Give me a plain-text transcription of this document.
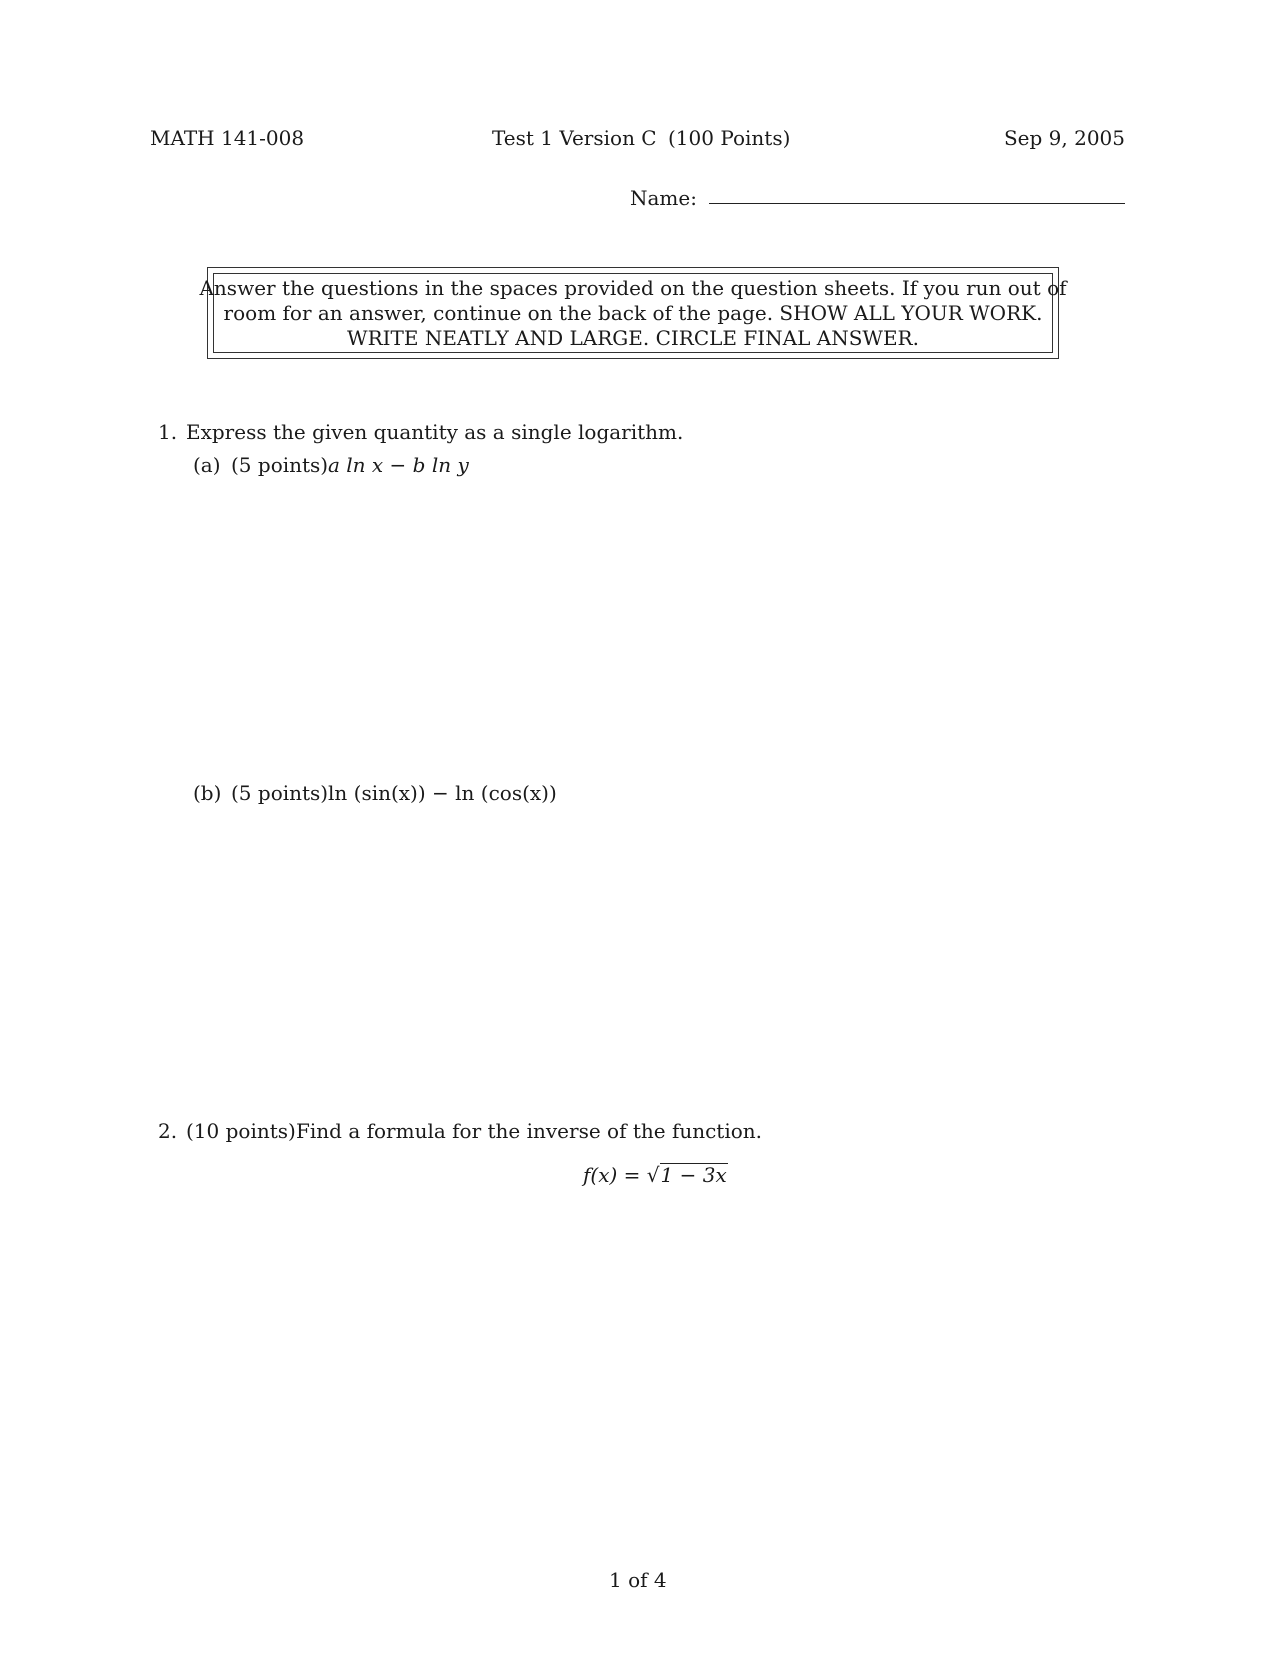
MATH 141-008	Test 1 Version C (100 Points)	Sep 9, 2005
Name:
Answer the questions in the spaces provided on the question sheets. If you run out of
room for an answer, continue on the back of the page. SHOW ALL YOUR WORK.
WRITE NEATLY AND LARGE. CIRCLE FINAL ANSWER.
1. Express the given quantity as a single logarithm.
(a) (5 points) a ln x − b ln y
(b) (5 points) ln (sin(x)) − ln (cos(x))
2. (10 points) Find a formula for the inverse of the function.
f(x) = √1 − 3x
1 of 4
